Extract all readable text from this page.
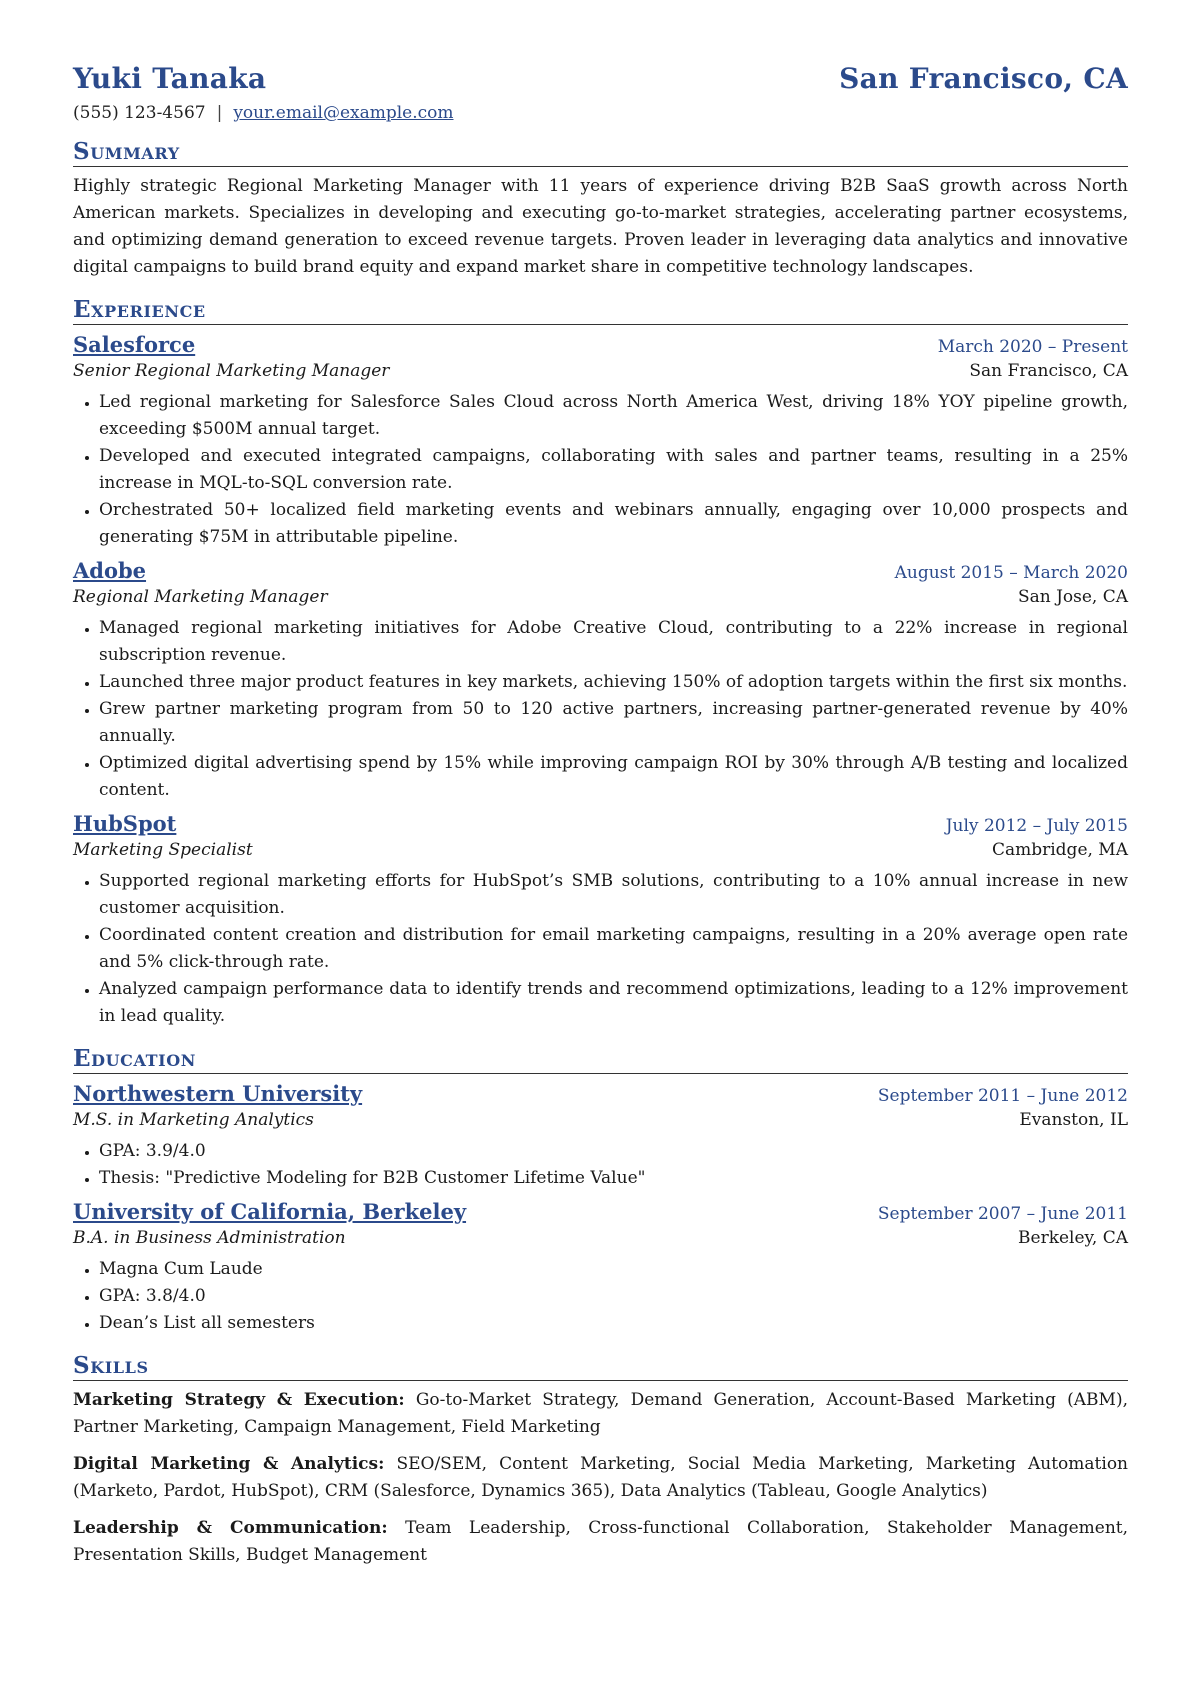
Yuki Tanaka	San Francisco, CA
(555) 123-4567 | your.email@example.com
Summary
Highly strategic Regional Marketing Manager with 11 years of experience driving B2B SaaS growth across North American markets. Specializes in developing and executing go-to-market strategies, accelerating partner ecosystems, and optimizing demand generation to exceed revenue targets. Proven leader in leveraging data analytics and innovative digital campaigns to build brand equity and expand market share in competitive technology landscapes.
Experience
Salesforce	March 2020 – Present
Senior Regional Marketing Manager	San Francisco, CA
• Led regional marketing for Salesforce Sales Cloud across North America West, driving 18% YOY pipeline growth, exceeding $500M annual target.
• Developed and executed integrated campaigns, collaborating with sales and partner teams, resulting in a 25% increase in MQL-to-SQL conversion rate.
• Orchestrated 50+ localized field marketing events and webinars annually, engaging over 10,000 prospects and generating $75M in attributable pipeline.
Adobe	August 2015 – March 2020
Regional Marketing Manager	San Jose, CA
• Managed regional marketing initiatives for Adobe Creative Cloud, contributing to a 22% increase in regional subscription revenue.
• Launched three major product features in key markets, achieving 150% of adoption targets within the first six months.
• Grew partner marketing program from 50 to 120 active partners, increasing partner-generated revenue by 40% annually.
• Optimized digital advertising spend by 15% while improving campaign ROI by 30% through A/B testing and localized content.
HubSpot	July 2012 – July 2015
Marketing Specialist	Cambridge, MA
• Supported regional marketing efforts for HubSpot’s SMB solutions, contributing to a 10% annual increase in new customer acquisition.
• Coordinated content creation and distribution for email marketing campaigns, resulting in a 20% average open rate and 5% click-through rate.
• Analyzed campaign performance data to identify trends and recommend optimizations, leading to a 12% improvement in lead quality.
Education
Northwestern University	September 2011 – June 2012
M.S. in Marketing Analytics	Evanston, IL
• GPA: 3.9/4.0
• Thesis: "Predictive Modeling for B2B Customer Lifetime Value"
University of California, Berkeley	September 2007 – June 2011
B.A. in Business Administration	Berkeley, CA
• Magna Cum Laude
• GPA: 3.8/4.0
• Dean’s List all semesters
Skills
Marketing Strategy & Execution: Go-to-Market Strategy, Demand Generation, Account-Based Marketing (ABM), Partner Marketing, Campaign Management, Field Marketing
Digital Marketing & Analytics: SEO/SEM, Content Marketing, Social Media Marketing, Marketing Automation (Marketo, Pardot, HubSpot), CRM (Salesforce, Dynamics 365), Data Analytics (Tableau, Google Analytics)
Leadership & Communication: Team Leadership, Cross-functional Collaboration, Stakeholder Management, Presentation Skills, Budget Management
